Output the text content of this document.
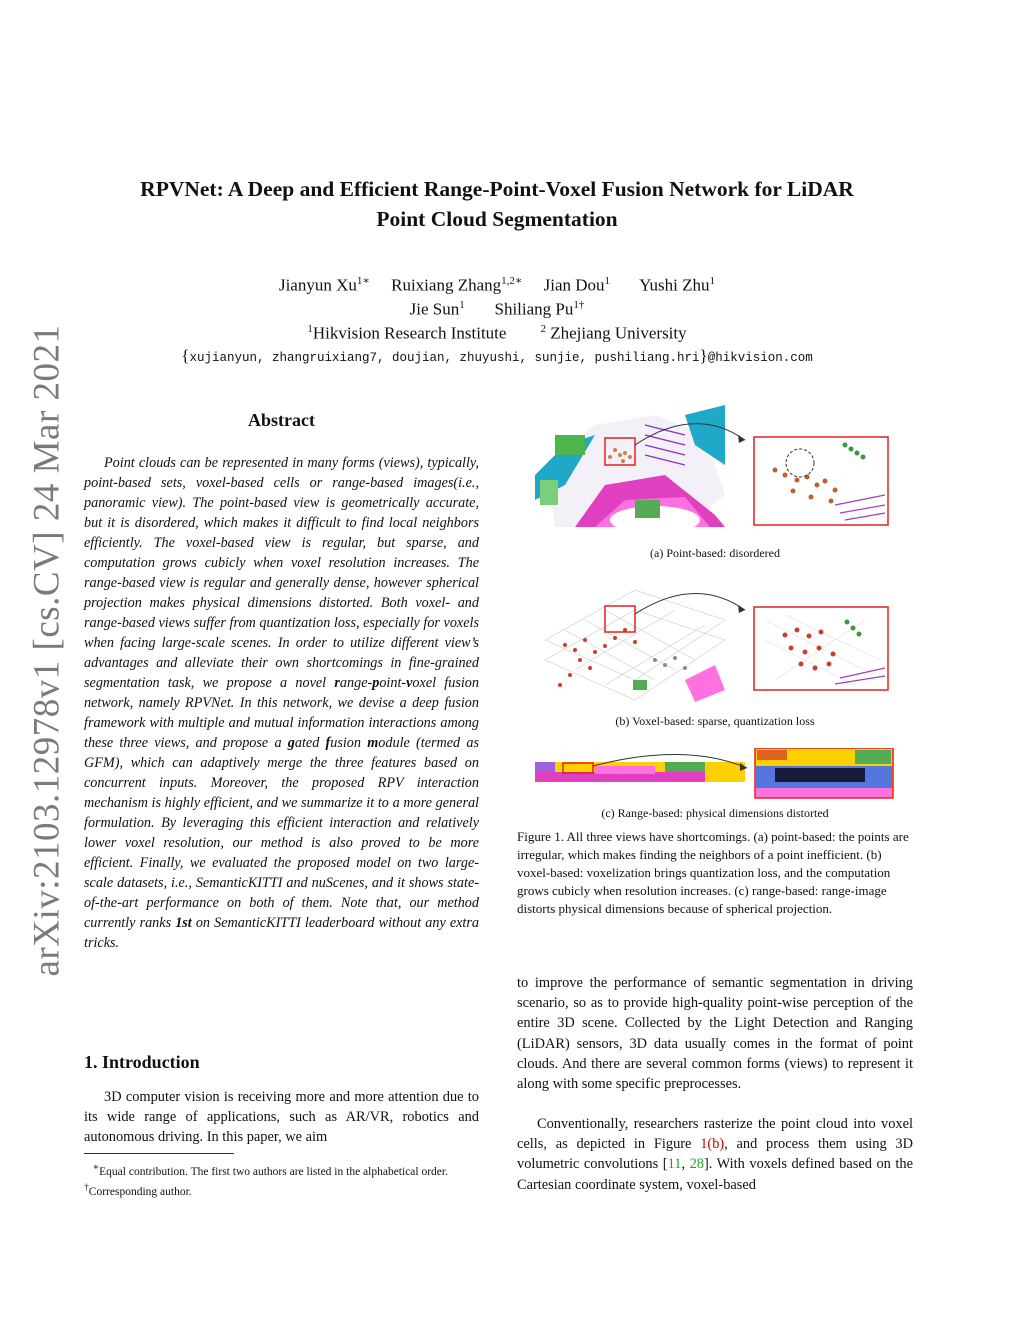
arXiv:2103.12978v1 [cs.CV] 24 Mar 2021
RPVNet: A Deep and Efficient Range-Point-Voxel Fusion Network for LiDAR
Point Cloud Segmentation
Jianyun $Xu^{1∗}$ Ruixiang Zhang$^{1,2∗}$ Jian Dou$^1$ Yushi Zhu$^1$
Jie Sun$^1$ Shiliang $Pu^{1\dagger}$
$^1$Hikvision Research Institute	$^2$ Zhejiang University
{xujianyun, zhangruixiang7, doujian, zhuyushi, sunjie, pushiliang.hri}@hikvision.com
Abstract
Point clouds can be represented in many forms (views), typically, point-based sets, voxel-based cells or range-based images(i.e., panoramic view). The point-based view is geometrically accurate, but it is disordered, which makes it difficult to find local neighbors efficiently. The voxel-based view is regular, but sparse, and computation grows cubicly when voxel resolution increases. The range-based view is regular and generally dense, however spherical projection makes physical dimensions distorted. Both voxel- and range-based views suffer from quantization loss, especially for voxels when facing large-scale scenes. In order to utilize different view’s advantages and alleviate their own shortcomings in fine-grained segmentation task, we propose a novel range-point-voxel fusion network, namely RPVNet. In this network, we devise a deep fusion framework with multiple and mutual information interactions among these three views, and propose a gated fusion module (termed as GFM), which can adaptively merge the three features based on concurrent inputs. Moreover, the proposed RPV interaction mechanism is highly efficient, and we summarize it to a more general formulation. By leveraging this efficient interaction and relatively lower voxel resolution, our method is also proved to be more efficient. Finally, we evaluated the proposed model on two large-scale datasets, i.e., SemanticKITTI and nuScenes, and it shows state-of-the-art performance on both of them. Note that, our method currently ranks 1st on SemanticKITTI leaderboard without any extra tricks.
1. Introduction
3D computer vision is receiving more and more attention due to its wide range of applications, such as AR/VR, robotics and autonomous driving. In this paper, we aim
∗Equal contribution. The first two authors are listed in the alphabetical order. †Corresponding author.
(a) Point-based: disordered
(b) Voxel-based: sparse, quantization loss
(c) Range-based: physical dimensions distorted
Figure 1. All three views have shortcomings. (a) point-based: the points are irregular, which makes finding the neighbors of a point inefficient. (b) voxel-based: voxelization brings quantization loss, and the computation grows cubicly when resolution increases. (c) range-based: range-image distorts physical dimensions because of spherical projection.
to improve the performance of semantic segmentation in driving scenario, so as to provide high-quality point-wise perception of the entire 3D scene. Collected by the Light Detection and Ranging (LiDAR) sensors, 3D data usually comes in the format of point clouds. And there are several common forms (views) to represent it along with some specific preprocesses.
Conventionally, researchers rasterize the point cloud into voxel cells, as depicted in Figure 1(b), and process them using 3D volumetric convolutions [11, 28]. With voxels defined based on the Cartesian coordinate system, voxel-based
